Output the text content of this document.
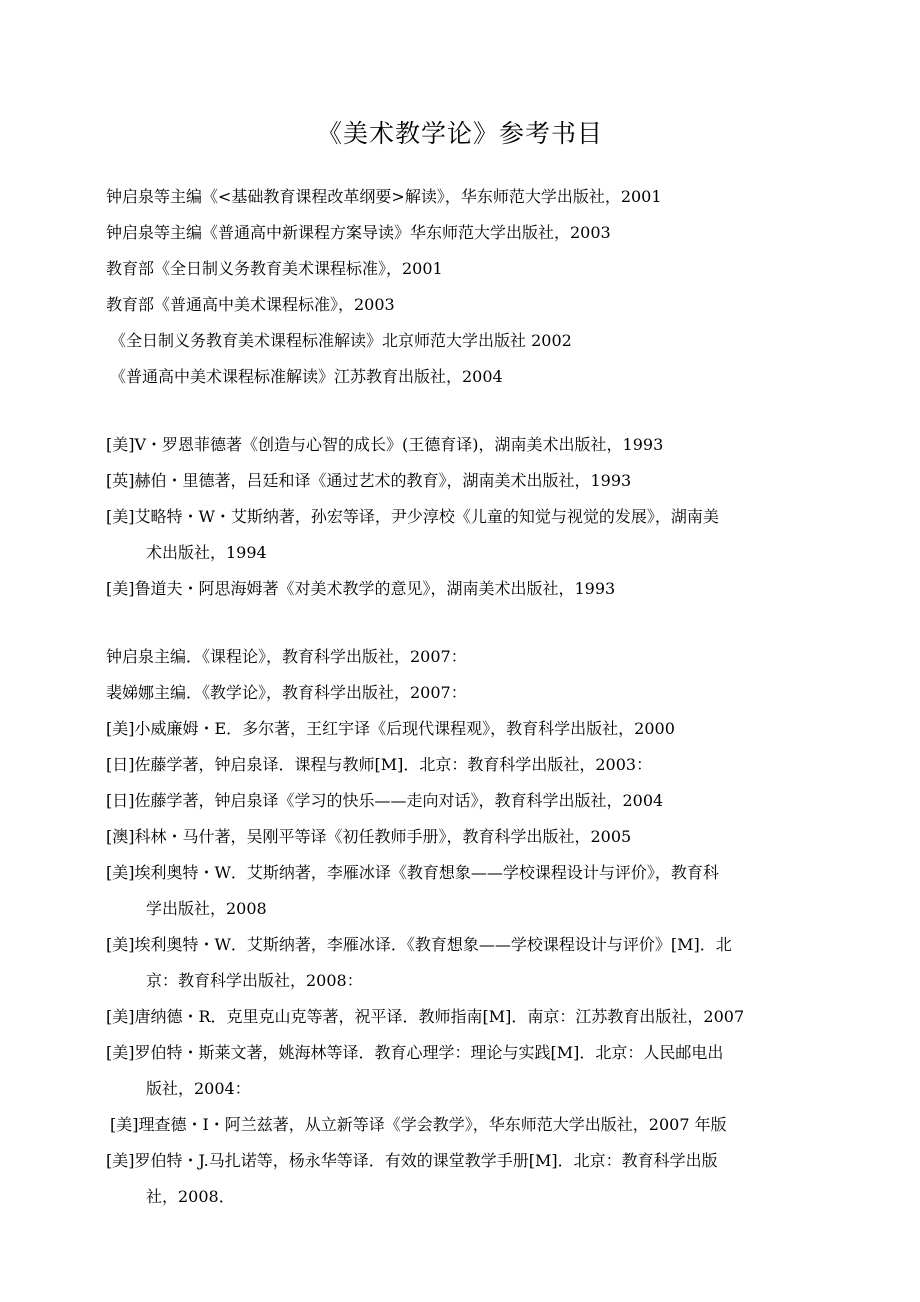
《美术教学论》参考书目
钟启泉等主编《<基础教育课程改革纲要>解读》，华东师范大学出版社，2001
钟启泉等主编《普通高中新课程方案导读》华东师范大学出版社，2003
教育部《全日制义务教育美术课程标准》，2001
教育部《普通高中美术课程标准》，2003
《全日制义务教育美术课程标准解读》北京师范大学出版社 2002
《普通高中美术课程标准解读》江苏教育出版社，2004
[美]V・罗恩菲德著《创造与心智的成长》(王德育译)，湖南美术出版社，1993
[英]赫伯・里德著，吕廷和译《通过艺术的教育》，湖南美术出版社，1993
[美]艾略特・W・艾斯纳著，孙宏等译，尹少淳校《儿童的知觉与视觉的发展》，湖南美
术出版社，1994
[美]鲁道夫・阿思海姆著《对美术教学的意见》，湖南美术出版社，1993
钟启泉主编．《课程论》，教育科学出版社，2007：
裴娣娜主编．《教学论》，教育科学出版社，2007：
[美]小威廉姆・E．多尔著，王红宇译《后现代课程观》，教育科学出版社，2000
[日]佐藤学著，钟启泉译．课程与教师[M]．北京：教育科学出版社，2003：
[日]佐藤学著，钟启泉译《学习的快乐——走向对话》，教育科学出版社，2004
[澳]科林・马什著，吴刚平等译《初任教师手册》，教育科学出版社，2005
[美]埃利奥特・W．艾斯纳著，李雁冰译《教育想象——学校课程设计与评价》，教育科
学出版社，2008
[美]埃利奥特・W．艾斯纳著，李雁冰译．《教育想象——学校课程设计与评价》[M]．北
京：教育科学出版社，2008：
[美]唐纳德・R．克里克山克等著，祝平译．教师指南[M]．南京：江苏教育出版社，2007
[美]罗伯特・斯莱文著，姚海林等译．教育心理学：理论与实践[M]．北京：人民邮电出
版社，2004：
[美]理查德・I・阿兰兹著，从立新等译《学会教学》，华东师范大学出版社，2007 年版
[美]罗伯特・J.马扎诺等，杨永华等译．有效的课堂教学手册[M]．北京：教育科学出版
社，2008．
